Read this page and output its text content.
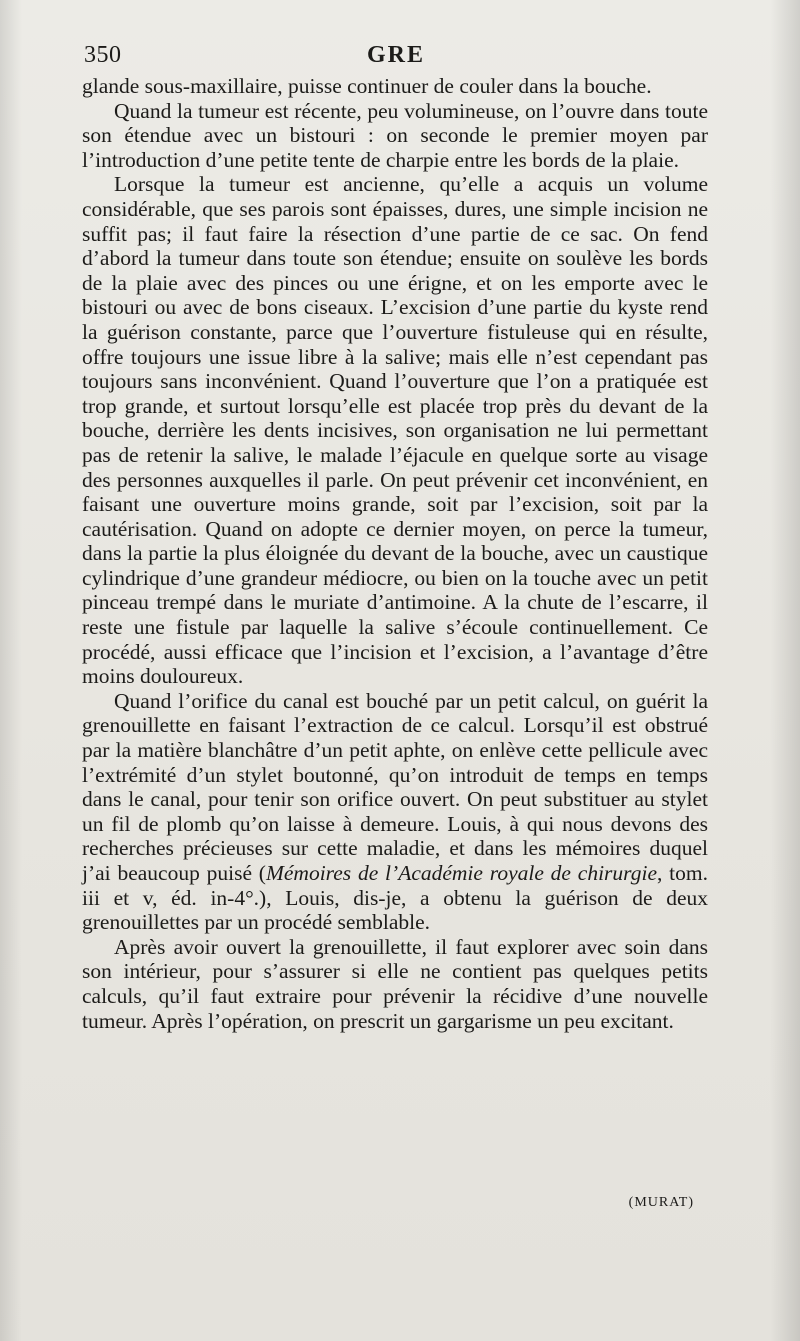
350	GRE

glande sous-maxillaire, puisse continuer de couler dans la bouche.

Quand la tumeur est récente, peu volumineuse, on l’ouvre dans toute son étendue avec un bistouri : on seconde le premier moyen par l’introduction d’une petite tente de charpie entre les bords de la plaie.

Lorsque la tumeur est ancienne, qu’elle a acquis un volume considérable, que ses parois sont épaisses, dures, une simple incision ne suffit pas; il faut faire la résection d’une partie de ce sac. On fend d’abord la tumeur dans toute son étendue; ensuite on soulève les bords de la plaie avec des pinces ou une érigne, et on les emporte avec le bistouri ou avec de bons ciseaux. L’excision d’une partie du kyste rend la guérison constante, parce que l’ouverture fistuleuse qui en résulte, offre toujours une issue libre à la salive; mais elle n’est cependant pas toujours sans inconvénient. Quand l’ouverture que l’on a pratiquée est trop grande, et surtout lorsqu’elle est placée trop près du devant de la bouche, derrière les dents incisives, son organisation ne lui permettant pas de retenir la salive, le malade l’éjacule en quelque sorte au visage des personnes auxquelles il parle. On peut prévenir cet inconvénient, en faisant une ouverture moins grande, soit par l’excision, soit par la cautérisation. Quand on adopte ce dernier moyen, on perce la tumeur, dans la partie la plus éloignée du devant de la bouche, avec un caustique cylindrique d’une grandeur médiocre, ou bien on la touche avec un petit pinceau trempé dans le muriate d’antimoine. A la chute de l’escarre, il reste une fistule par laquelle la salive s’écoule continuellement. Ce procédé, aussi efficace que l’incision et l’excision, a l’avantage d’être moins douloureux.

Quand l’orifice du canal est bouché par un petit calcul, on guérit la grenouillette en faisant l’extraction de ce calcul. Lorsqu’il est obstrué par la matière blanchâtre d’un petit aphte, on enlève cette pellicule avec l’extrémité d’un stylet boutonné, qu’on introduit de temps en temps dans le canal, pour tenir son orifice ouvert. On peut substituer au stylet un fil de plomb qu’on laisse à demeure. Louis, à qui nous devons des recherches précieuses sur cette maladie, et dans les mémoires duquel j’ai beaucoup puisé (Mémoires de l’Académie royale de chirurgie, tom. iii et v, éd. in-4°.), Louis, dis-je, a obtenu la guérison de deux grenouillettes par un procédé semblable.

Après avoir ouvert la grenouillette, il faut explorer avec soin dans son intérieur, pour s’assurer si elle ne contient pas quelques petits calculs, qu’il faut extraire pour prévenir la récidive d’une nouvelle tumeur. Après l’opération, on prescrit un gargarisme un peu excitant.

(MURAT)
